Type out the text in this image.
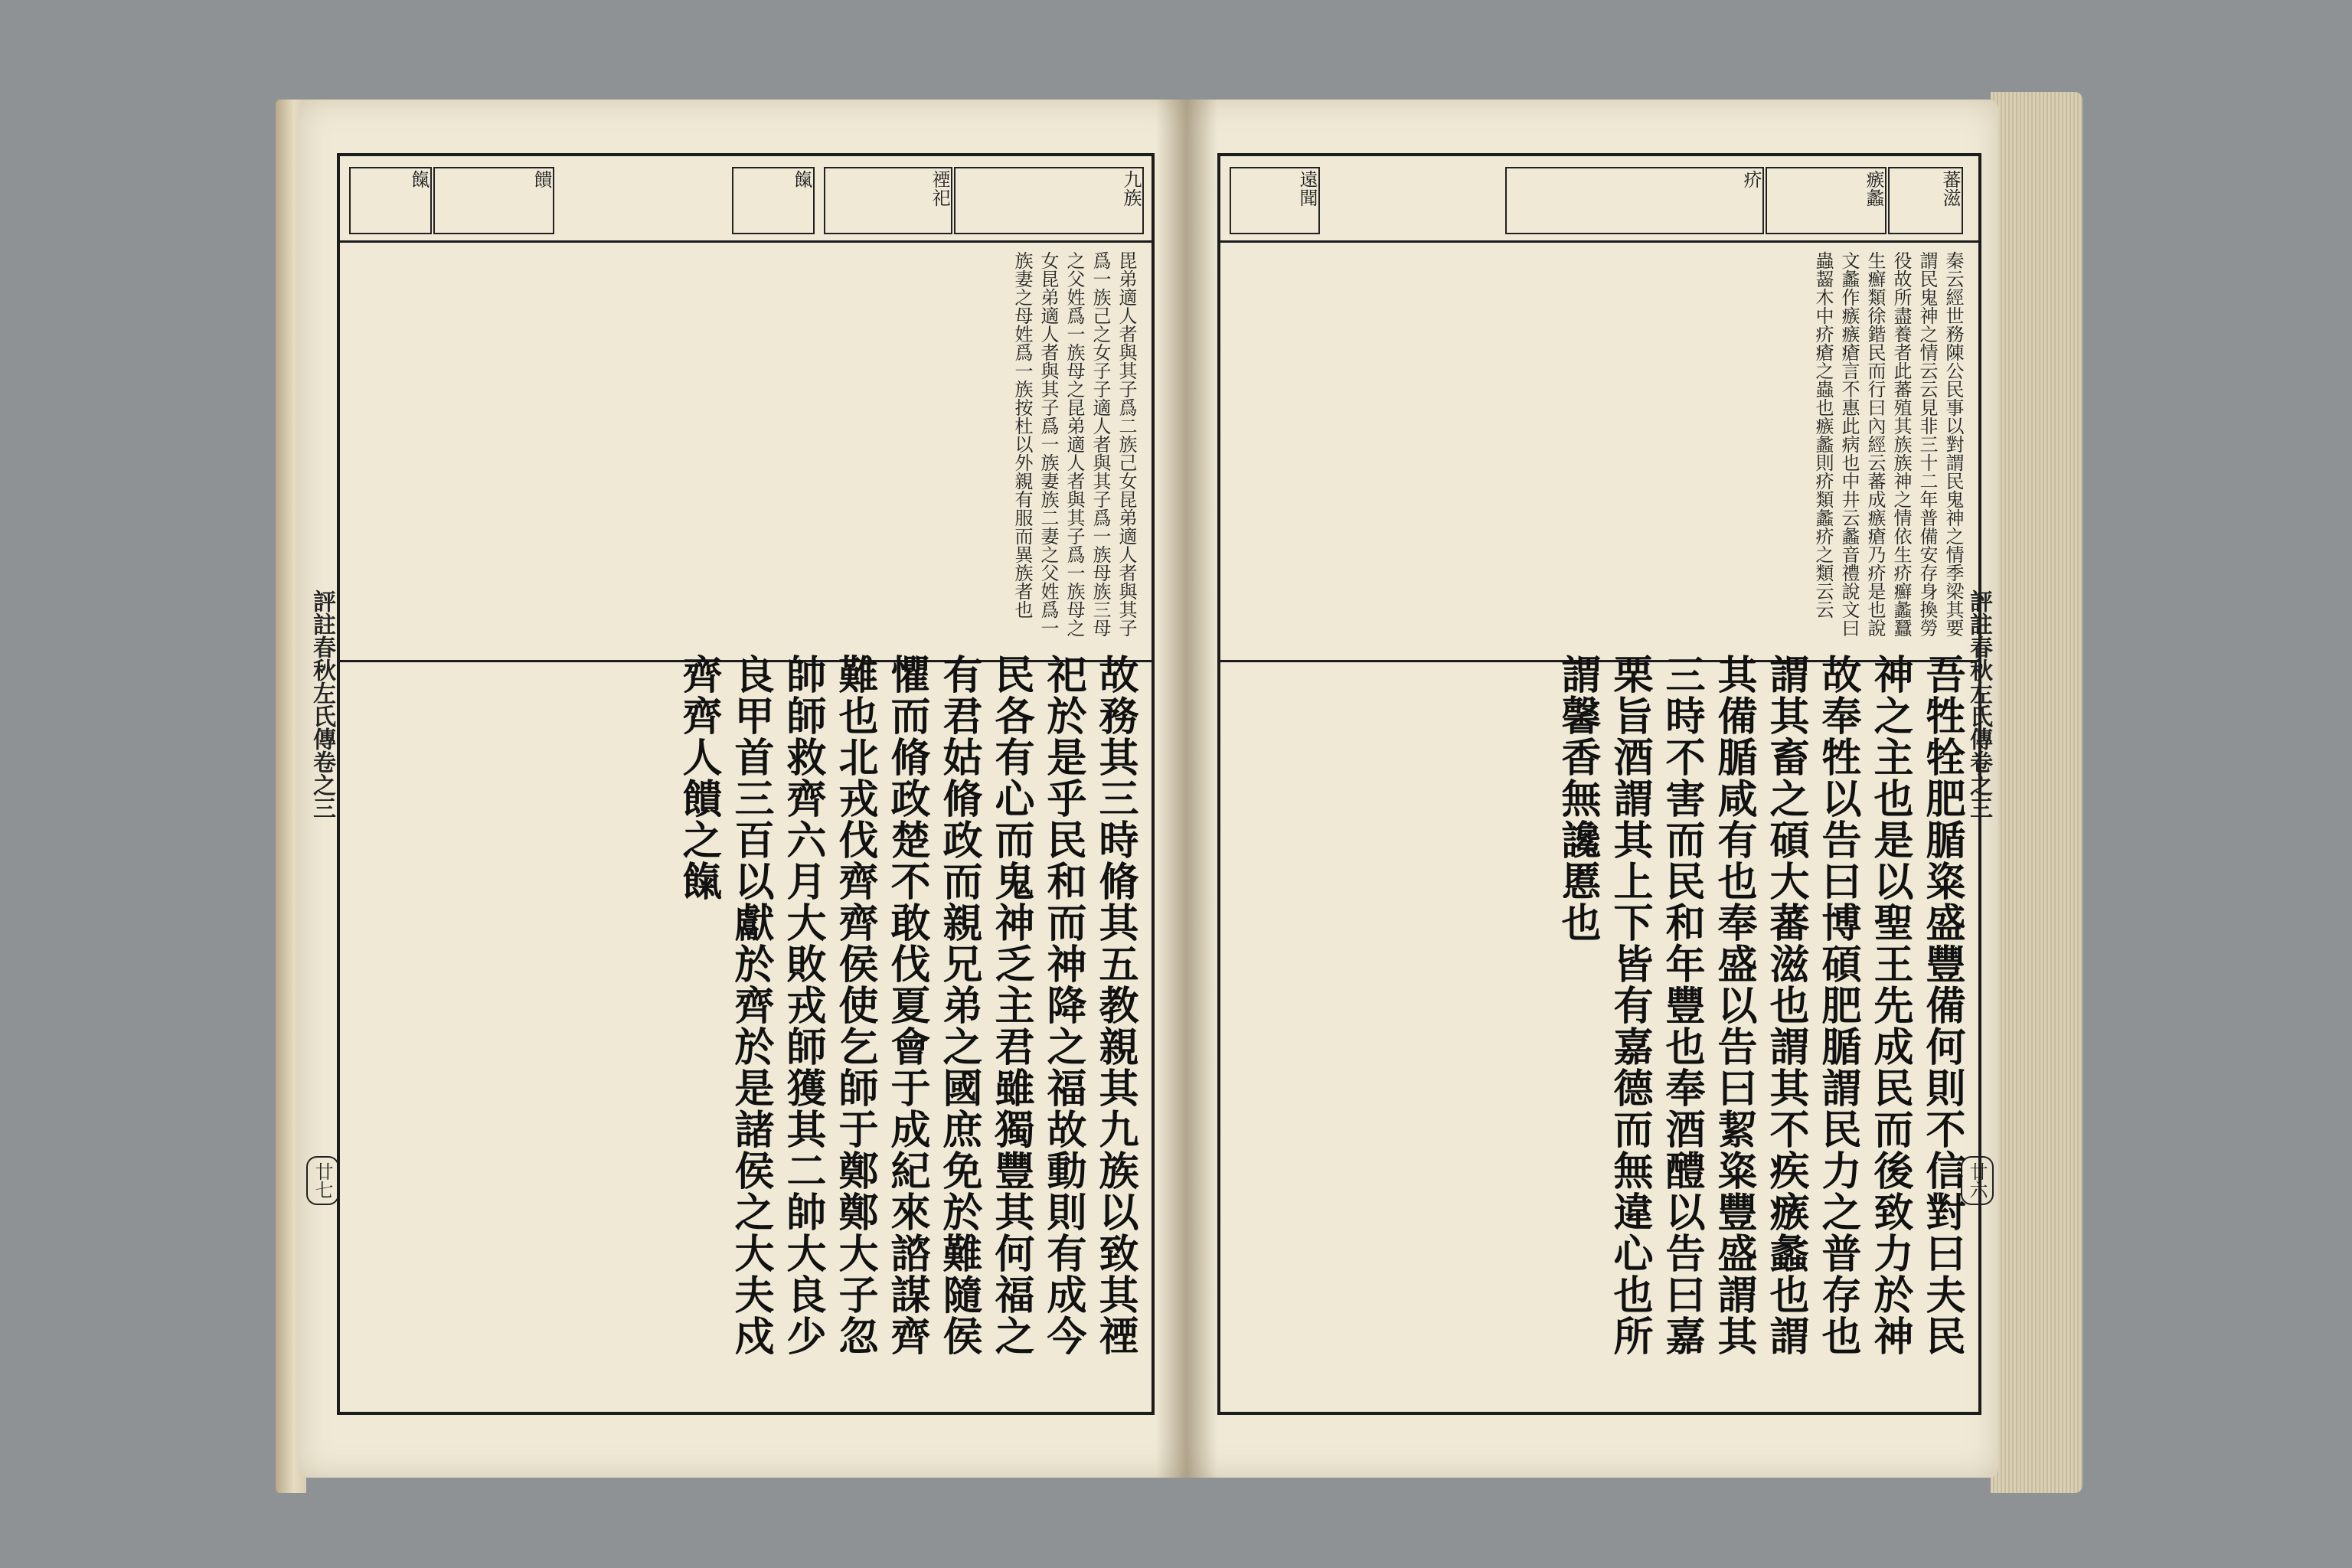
評註春秋左氏傳卷之三
廿七
九族
禋祀
餼
饋
餼
毘弟適人者與其子爲二族己女昆弟適人者與其子爲一族己之女子子適人者與其子爲一族母族三母之父姓爲一族母之昆弟適人者與其子爲一族母之女昆弟適人者與其子爲一族妻族二妻之父姓爲一族妻之母姓爲一族按杜以外親有服而異族者也
故務其三時脩其五教親其九族以致其禋祀於是乎民和而神降之福故動則有成今民各有心而鬼神乏主君雖獨豐其何福之有君姑脩政而親兄弟之國庶免於難隨侯懼而脩政楚不敢伐夏會于成紀來諮謀齊難也北戎伐齊齊侯使乞師于鄭鄭大子忽帥師救齊六月大敗戎師獲其二帥大良少良甲首三百以獻於齊於是諸侯之大夫戍齊齊人饋之餼	評註春秋左氏傳卷之三
廿六
蕃滋
瘯蠡
疥
遠聞
秦云經世務陳公民事以對謂民鬼神之情季梁其要謂民鬼神之情云云見非三十二年普備安存身換勞役故所盡養者此蕃殖其族族神之情依生疥癬蠡蠶生癬類徐鍇民而行曰內經云蕃成瘯瘡乃疥是也說文蠡作瘯瘯瘡言不惠此病也中井云蠡音禮說文曰蟲齧木中疥瘡之蟲也瘯蠡則疥類蠡疥之類云云
吾牲牷肥腯粢盛豐備何則不信對曰夫民神之主也是以聖王先成民而後致力於神故奉牲以告曰博碩肥腯謂民力之普存也謂其畜之碩大蕃滋也謂其不疾瘯蠡也謂其備腯咸有也奉盛以告曰絜粢豐盛謂其三時不害而民和年豐也奉酒醴以告曰嘉栗旨酒謂其上下皆有嘉德而無違心也所謂馨香無讒慝也
